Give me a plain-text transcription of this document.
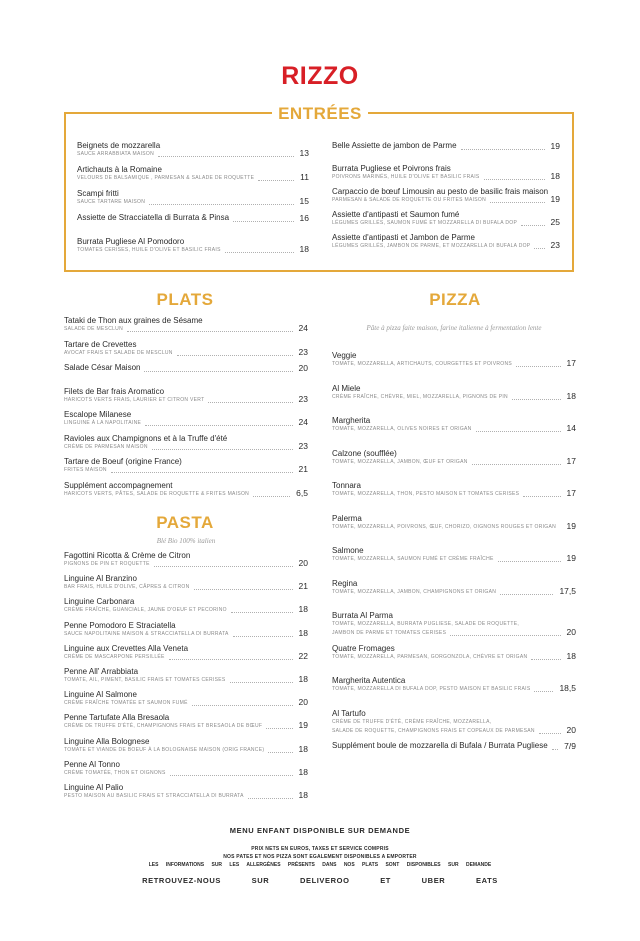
RIZZO
ENTRÉES
Beignets de mozzarella
SAUCE ARRABBIATA MAISON	13
Artichauts à la Romaine
VELOURS DE BALSAMIQUE , PARMESAN & SALADE DE ROQUETTE	11
Scampi fritti
SAUCE TARTARE MAISON	15
Assiette de Stracciatella di Burrata & Pinsa	16
Burrata Pugliese Al Pomodoro
TOMATES CERISES, HUILE D'OLIVE ET BASILIC FRAIS	18
Belle Assiette de jambon de Parme	19
Burrata Pugliese et Poivrons frais
POIVRONS MARINÉS, HUILE D'OLIVE ET BASILIC FRAIS	18
Carpaccio de bœuf Limousin au pesto de basilic frais maison
PARMESAN & SALADE DE ROQUETTE OU FRITES MAISON	19
Assiette d'antipasti et Saumon fumé
LÉGUMES GRILLÉS, SAUMON FUMÉ ET MOZZARELLA DI BUFALA DOP	25
Assiette d'antipasti et Jambon de Parme
LÉGUMES GRILLÉS, JAMBON DE PARME, ET MOZZARELLA DI BUFALA DOP	23
PLATS
Tataki de Thon aux graines de Sésame
SALADE DE MESCLUN	24
Tartare de Crevettes
AVOCAT FRAIS ET SALADE DE MESCLUN	23
Salade César Maison	20
Filets de Bar frais Aromatico
HARICOTS VERTS FRAIS, LAURIER ET CITRON VERT	23
Escalope Milanese
LINGUINE À LA NAPOLITAINE	24
Ravioles aux Champignons et à la Truffe d'été
CRÈME DE PARMESAN MAISON	23
Tartare de Boeuf (origine France)
FRITES MAISON	21
Supplément accompagnement
HARICOTS VERTS, PÂTES, SALADE DE ROQUETTE & FRITES MAISON	6,5
PASTA
Blé Bio 100% italien
Fagottini Ricotta & Crème de Citron
PIGNONS DE PIN ET ROQUETTE	20
Linguine Al Branzino
BAR FRAIS, HUILE D'OLIVE, CÂPRES & CITRON	21
Linguine Carbonara
CRÈME FRAÎCHE, GUANCIALE, JAUNE D'OEUF ET PECORINO	18
Penne Pomodoro E Straciatella
SAUCE NAPOLITAINE MAISON & STRACCIATELLA DI BURRATA	18
Linguine aux Crevettes Alla Veneta
CRÈME DE MASCARPONE PERSILLÉE	22
Penne All' Arrabbiata
TOMATE, AIL, PIMENT, BASILIC FRAIS ET TOMATES CERISES	18
Linguine Al Salmone
CRÈME FRAÎCHE TOMATÉE ET SAUMON FUMÉ	20
Penne Tartufate Alla Bresaola
CRÈME DE TRUFFE D'ÉTÉ, CHAMPIGNONS FRAIS ET BRESAOLA DE BŒUF	19
Linguine Alla Bolognese
TOMATE ET VIANDE DE BOEUF À LA BOLOGNAISE MAISON (ORIG FRANCE)	18
Penne Al Tonno
CRÈME TOMATÉE, THON ET OIGNONS	18
Linguine Al Palio
PESTO MAISON AU BASILIC FRAIS ET STRACCIATELLA DI BURRATA	18
PIZZA
Pâte à pizza faite maison, farine italienne à fermentation lente
Veggie
TOMATE, MOZZARELLA, ARTICHAUTS, COURGETTES ET POIVRONS	17
Al Miele
CRÈME FRAÎCHE, CHÈVRE, MIEL, MOZZARELLA, PIGNONS DE PIN	18
Margherita
TOMATE, MOZZARELLA, OLIVES NOIRES ET ORIGAN	14
Calzone (soufflée)
TOMATE, MOZZARELLA, JAMBON, ŒUF ET ORIGAN	17
Tonnara
TOMATE, MOZZARELLA, THON, PESTO MAISON ET TOMATES CERISES	17
Palerma
TOMATE, MOZZARELLA, POIVRONS, ŒUF, CHORIZO, OIGNONS ROUGES ET ORIGAN	19
Salmone
TOMATE, MOZZARELLA, SAUMON FUMÉ ET CRÈME FRAÎCHE	19
Regina
TOMATE, MOZZARELLA, JAMBON, CHAMPIGNONS ET ORIGAN	17,5
Burrata Al Parma
TOMATE, MOZZARELLA, BURRATA PUGLIESE, SALADE DE ROQUETTE,
JAMBON DE PARME ET TOMATES CERISES	20
Quatre Fromages
TOMATE, MOZZARELLA, PARMESAN, GORGONZOLA, CHÈVRE ET ORIGAN	18
Margherita Autentica
TOMATE, MOZZARELLA DI BUFALA DOP, PESTO MAISON ET BASILIC FRAIS	18,5
Al Tartufo
CRÈME DE TRUFFE D'ÉTÉ, CRÈME FRAÎCHE, MOZZARELLA,
SALADE DE ROQUETTE, CHAMPIGNONS FRAIS ET COPEAUX DE PARMESAN	20
Supplément boule de mozzarella di Bufala / Burrata Pugliese	7/9
MENU ENFANT DISPONIBLE SUR DEMANDE
PRIX NETS EN EUROS, TAXES ET SERVICE COMPRIS
NOS PATES ET NOS PIZZA SONT EGALEMENT DISPONIBLES A EMPORTER
LES INFORMATIONS SUR LES ALLERGÈNES PRÉSENTS DANS NOS PLATS SONT DISPONIBLES SUR DEMANDE
RETROUVEZ-NOUS SUR DELIVEROO ET UBER EATS
